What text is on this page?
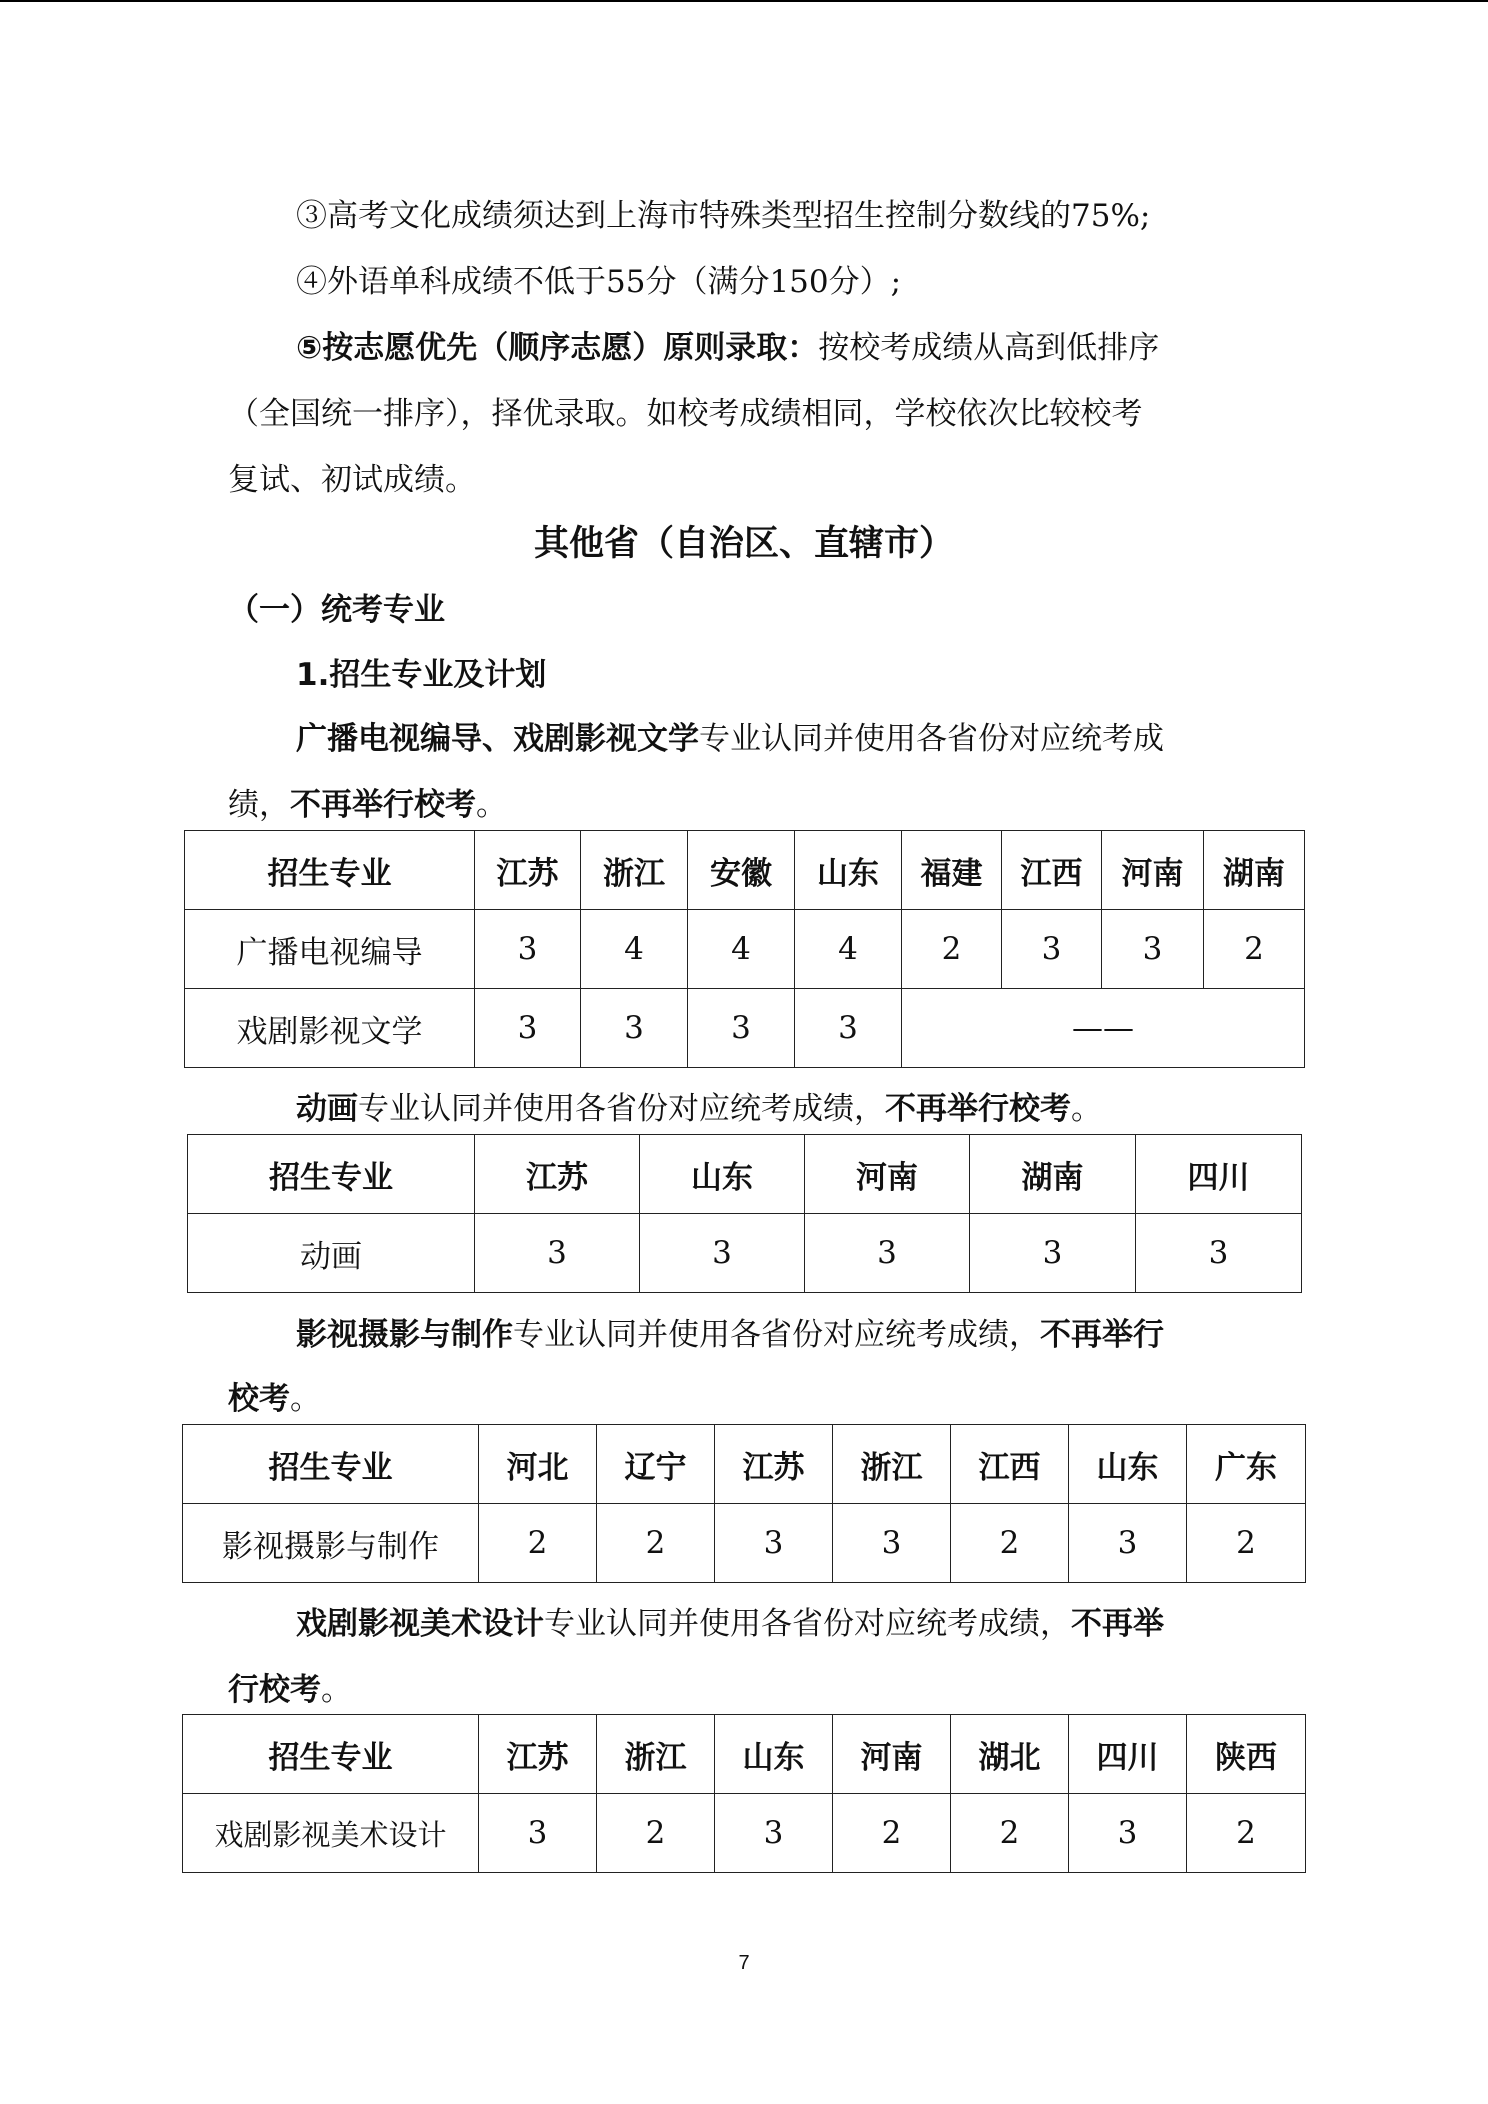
③高考文化成绩须达到上海市特殊类型招生控制分数线的75%;
④外语单科成绩不低于55分（满分150分）;
⑤按志愿优先（顺序志愿）原则录取：按校考成绩从高到低排序
（全国统一排序），择优录取。如校考成绩相同，学校依次比较校考
复试、初试成绩。
其他省（自治区、直辖市）
（一）统考专业
1.招生专业及计划
广播电视编导、戏剧影视文学专业认同并使用各省份对应统考成
绩，不再举行校考。
招生专业	江苏	浙江	安徽	山东	福建	江西	河南	湖南
广播电视编导	3	4	4	4	2	3	3	2
戏剧影视文学	3	3	3	3	——			
动画专业认同并使用各省份对应统考成绩，不再举行校考。
招生专业	江苏	山东	河南	湖南	四川
动画	3	3	3	3	3
影视摄影与制作专业认同并使用各省份对应统考成绩，不再举行
校考。
招生专业	河北	辽宁	江苏	浙江	江西	山东	广东
影视摄影与制作	2	2	3	3	2	3	2
戏剧影视美术设计专业认同并使用各省份对应统考成绩，不再举
行校考。
招生专业	江苏	浙江	山东	河南	湖北	四川	陕西
戏剧影视美术设计	3	2	3	2	2	3	2
7
